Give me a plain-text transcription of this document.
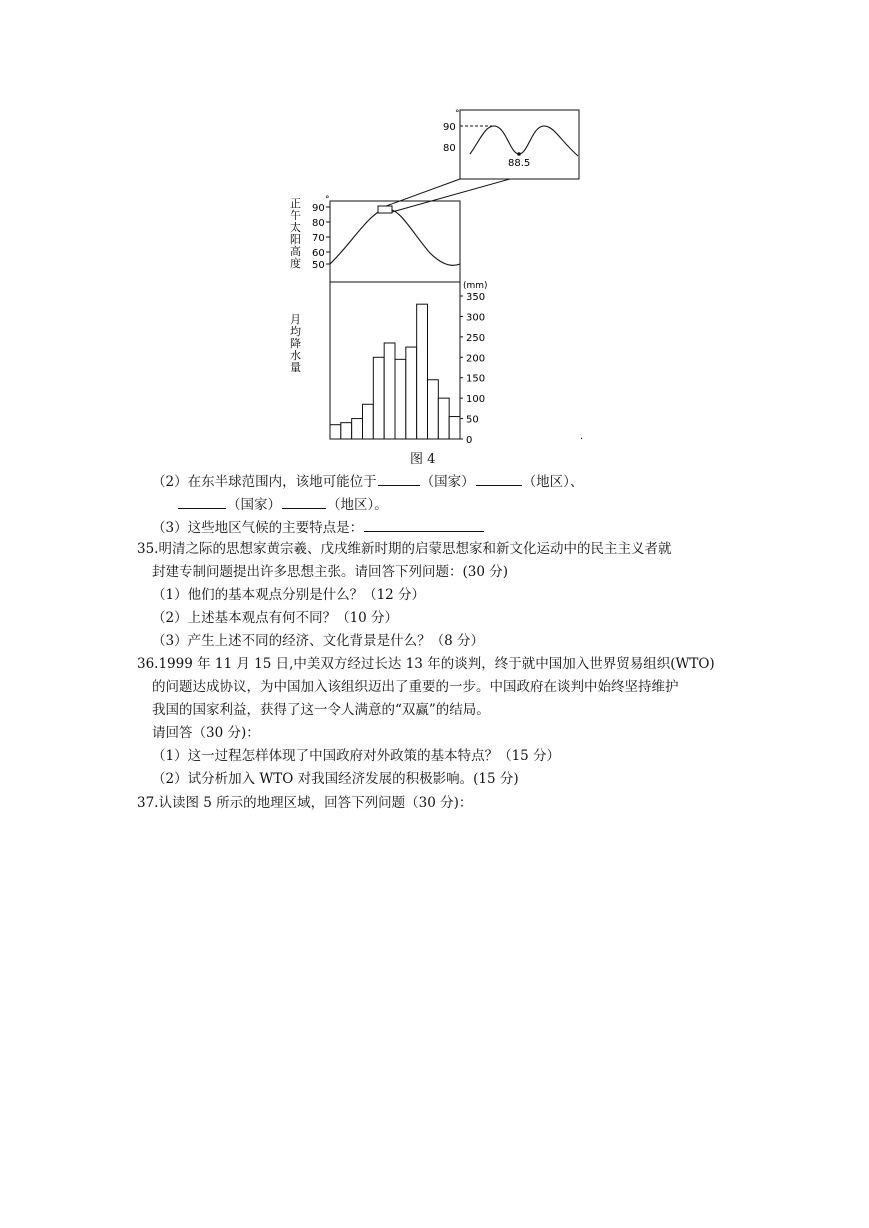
°
90
80
88.5
°
正
午
太
阳
高
度
90
80
70
60
50
月
均
降
水
量
(mm)
350
300
250
200
150
100
50
0	·
图 4
（2）在东半球范围内，该地可能位于	（国家）	（地区）、
（国家）	（地区）。
（3）这些地区气候的主要特点是：
35.明清之际的思想家黄宗羲、戊戌维新时期的启蒙思想家和新文化运动中的民主主义者就
封建专制问题提出许多思想主张。请回答下列问题：(30 分)
（1）他们的基本观点分别是什么？（12 分）
（2）上述基本观点有何不同？（10 分）
（3）产生上述不同的经济、文化背景是什么？（8 分）
36.1999 年 11 月 15 日,中美双方经过长达 13 年的谈判，终于就中国加入世界贸易组织(WTO)
的问题达成协议，为中国加入该组织迈出了重要的一步。中国政府在谈判中始终坚持维护
我国的国家利益，获得了这一令人满意的“双赢”的结局。
请回答（30 分)：
（1）这一过程怎样体现了中国政府对外政策的基本特点？（15 分）
（2）试分析加入 WTO 对我国经济发展的积极影响。(15 分)
37.认读图 5 所示的地理区域，回答下列问题（30 分)：
